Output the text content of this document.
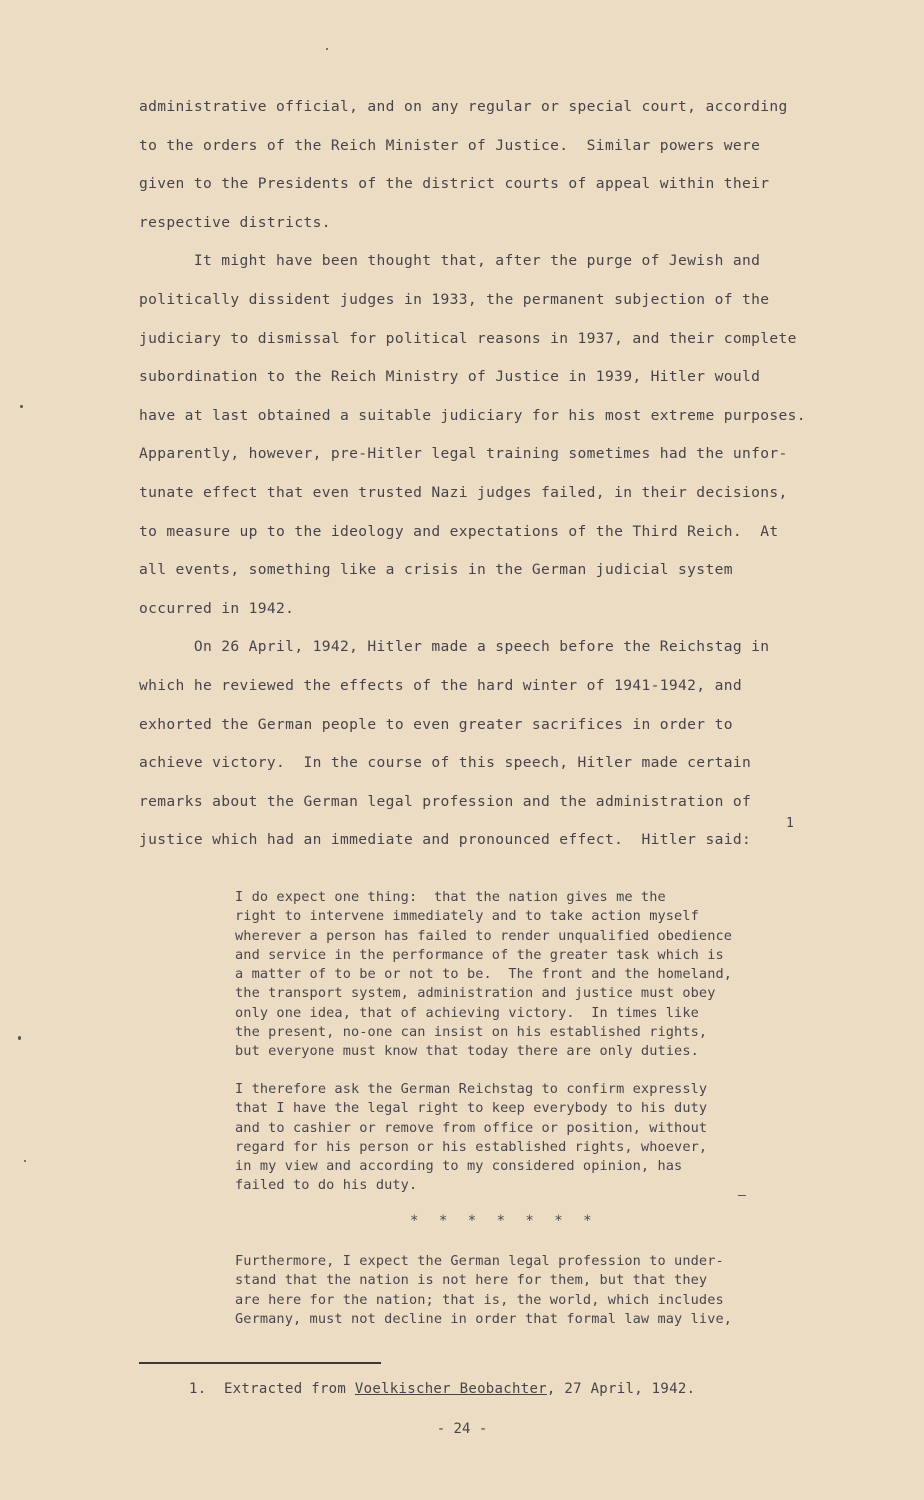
administrative official, and on any regular or special court, according
to the orders of the Reich Minister of Justice.  Similar powers were
given to the Presidents of the district courts of appeal within their
respective districts.
It might have been thought that, after the purge of Jewish and
politically dissident judges in 1933, the permanent subjection of the
judiciary to dismissal for political reasons in 1937, and their complete
subordination to the Reich Ministry of Justice in 1939, Hitler would
have at last obtained a suitable judiciary for his most extreme purposes.
Apparently, however, pre-Hitler legal training sometimes had the unfor-
tunate effect that even trusted Nazi judges failed, in their decisions,
to measure up to the ideology and expectations of the Third Reich.  At
all events, something like a crisis in the German judicial system
occurred in 1942.
On 26 April, 1942, Hitler made a speech before the Reichstag in
which he reviewed the effects of the hard winter of 1941-1942, and
exhorted the German people to even greater sacrifices in order to
achieve victory.  In the course of this speech, Hitler made certain
remarks about the German legal profession and the administration of
justice which had an immediate and pronounced effect.  Hitler said:
1
I do expect one thing:  that the nation gives me the
right to intervene immediately and to take action myself
wherever a person has failed to render unqualified obedience
and service in the performance of the greater task which is
a matter of to be or not to be.  The front and the homeland,
the transport system, administration and justice must obey
only one idea, that of achieving victory.  In times like
the present, no-one can insist on his established rights,
but everyone must know that today there are only duties.
I therefore ask the German Reichstag to confirm expressly
that I have the legal right to keep everybody to his duty
and to cashier or remove from office or position, without
regard for his person or his established rights, whoever,
in my view and according to my considered opinion, has
failed to do his duty.
* * * * * * *
Furthermore, I expect the German legal profession to under-
stand that the nation is not here for them, but that they
are here for the nation; that is, the world, which includes
Germany, must not decline in order that formal law may live,
1. Extracted from Voelkischer Beobachter, 27 April, 1942.
- 24 -
